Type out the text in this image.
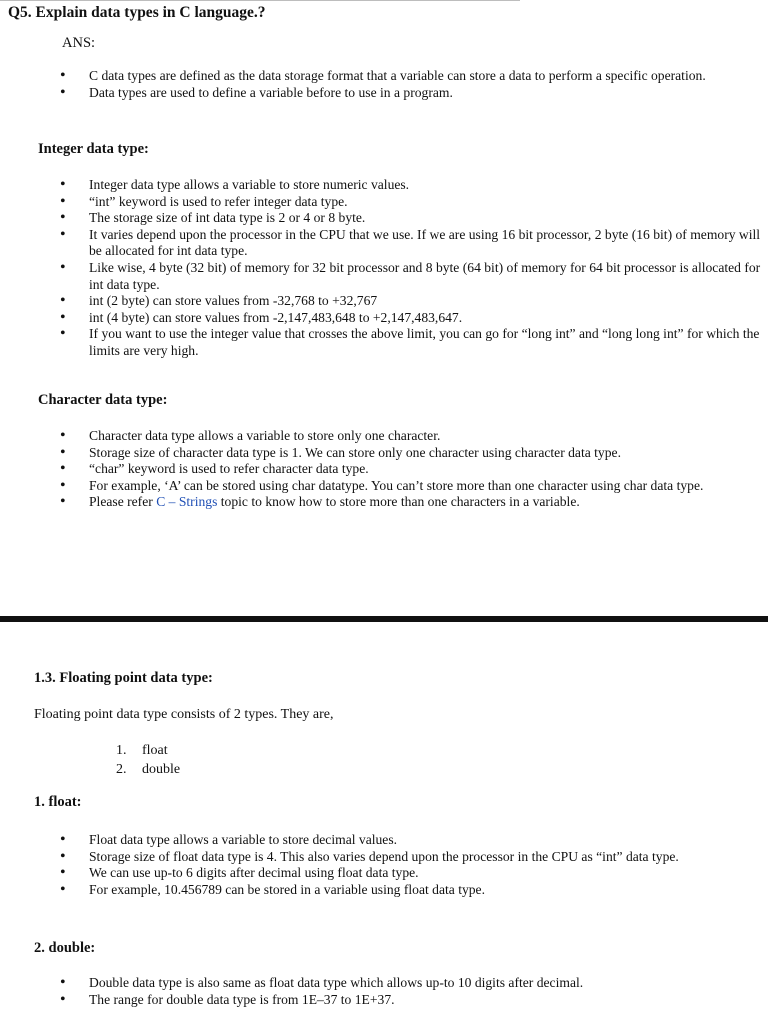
Q5. Explain data types in C language.?
ANS:
• C data types are defined as the data storage format that a variable can store a data to perform a specific operation.
• Data types are used to define a variable before to use in a program.
Integer data type:
• Integer data type allows a variable to store numeric values.
• “int” keyword is used to refer integer data type.
• The storage size of int data type is 2 or 4 or 8 byte.
• It varies depend upon the processor in the CPU that we use. If we are using 16 bit processor, 2 byte (16 bit) of memory will be allocated for int data type.
• Like wise, 4 byte (32 bit) of memory for 32 bit processor and 8 byte (64 bit) of memory for 64 bit processor is allocated for int data type.
• int (2 byte) can store values from -32,768 to +32,767
• int (4 byte) can store values from -2,147,483,648 to +2,147,483,647.
• If you want to use the integer value that crosses the above limit, you can go for “long int” and “long long int” for which the limits are very high.
Character data type:
• Character data type allows a variable to store only one character.
• Storage size of character data type is 1. We can store only one character using character data type.
• “char” keyword is used to refer character data type.
• For example, ‘A’ can be stored using char datatype. You can’t store more than one character using char data type.
• Please refer C – Strings topic to know how to store more than one characters in a variable.
1.3. Floating point data type:
Floating point data type consists of 2 types. They are,
1. float
2. double
1. float:
• Float data type allows a variable to store decimal values.
• Storage size of float data type is 4. This also varies depend upon the processor in the CPU as “int” data type.
• We can use up-to 6 digits after decimal using float data type.
• For example, 10.456789 can be stored in a variable using float data type.
2. double:
• Double data type is also same as float data type which allows up-to 10 digits after decimal.
• The range for double data type is from 1E–37 to 1E+37.
